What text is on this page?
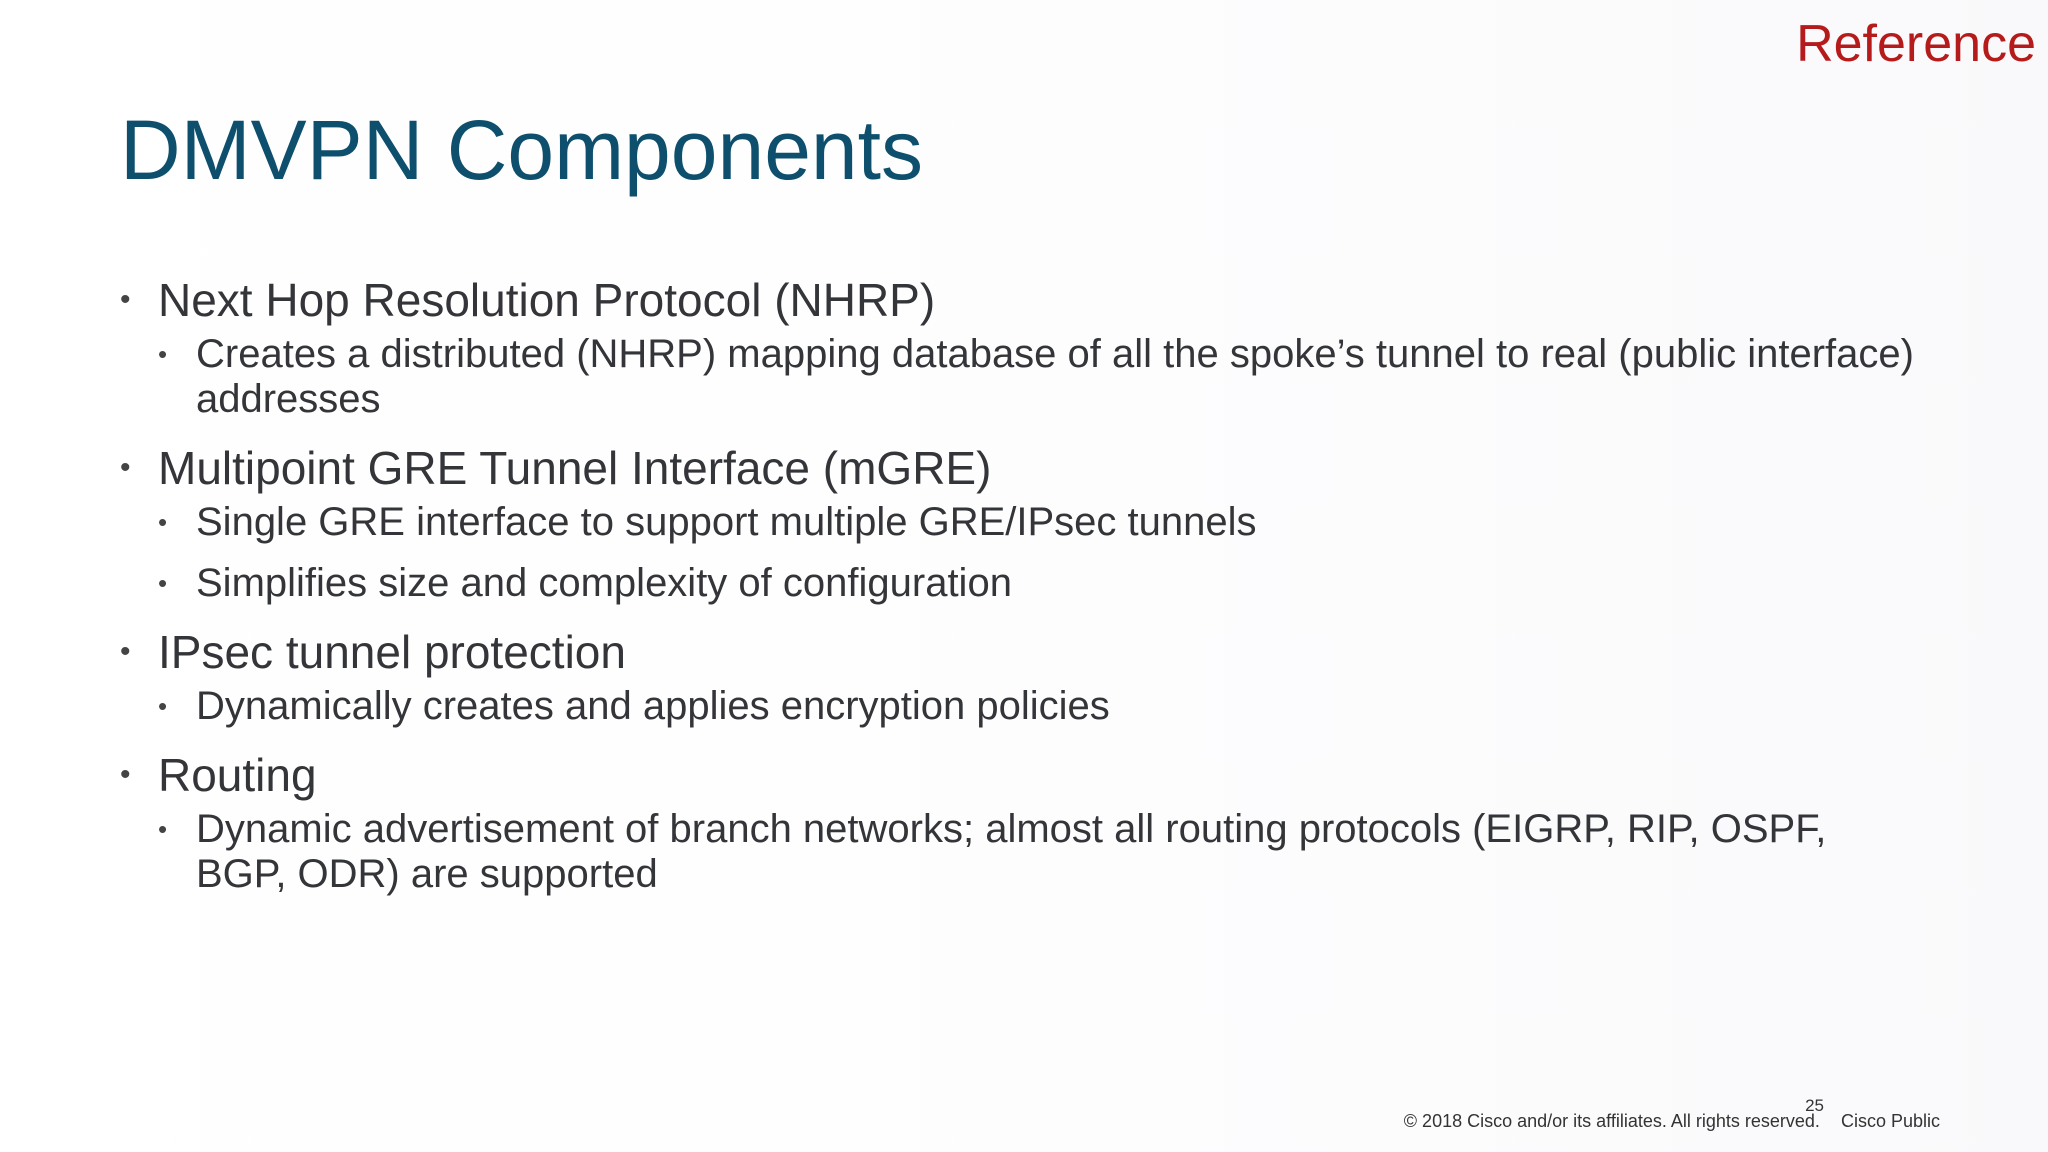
Reference
DMVPN Components
• Next Hop Resolution Protocol (NHRP)
• Creates a distributed (NHRP) mapping database of all the spoke’s tunnel to real (public interface) addresses
• Multipoint GRE Tunnel Interface (mGRE)
• Single GRE interface to support multiple GRE/IPsec tunnels
• Simplifies size and complexity of configuration
• IPsec tunnel protection
• Dynamically creates and applies encryption policies
• Routing
• Dynamic advertisement of branch networks; almost all routing protocols (EIGRP, RIP, OSPF, BGP, ODR) are supported
© 2018 Cisco and/or its affiliates. All rights reserved. Cisco Public
25
